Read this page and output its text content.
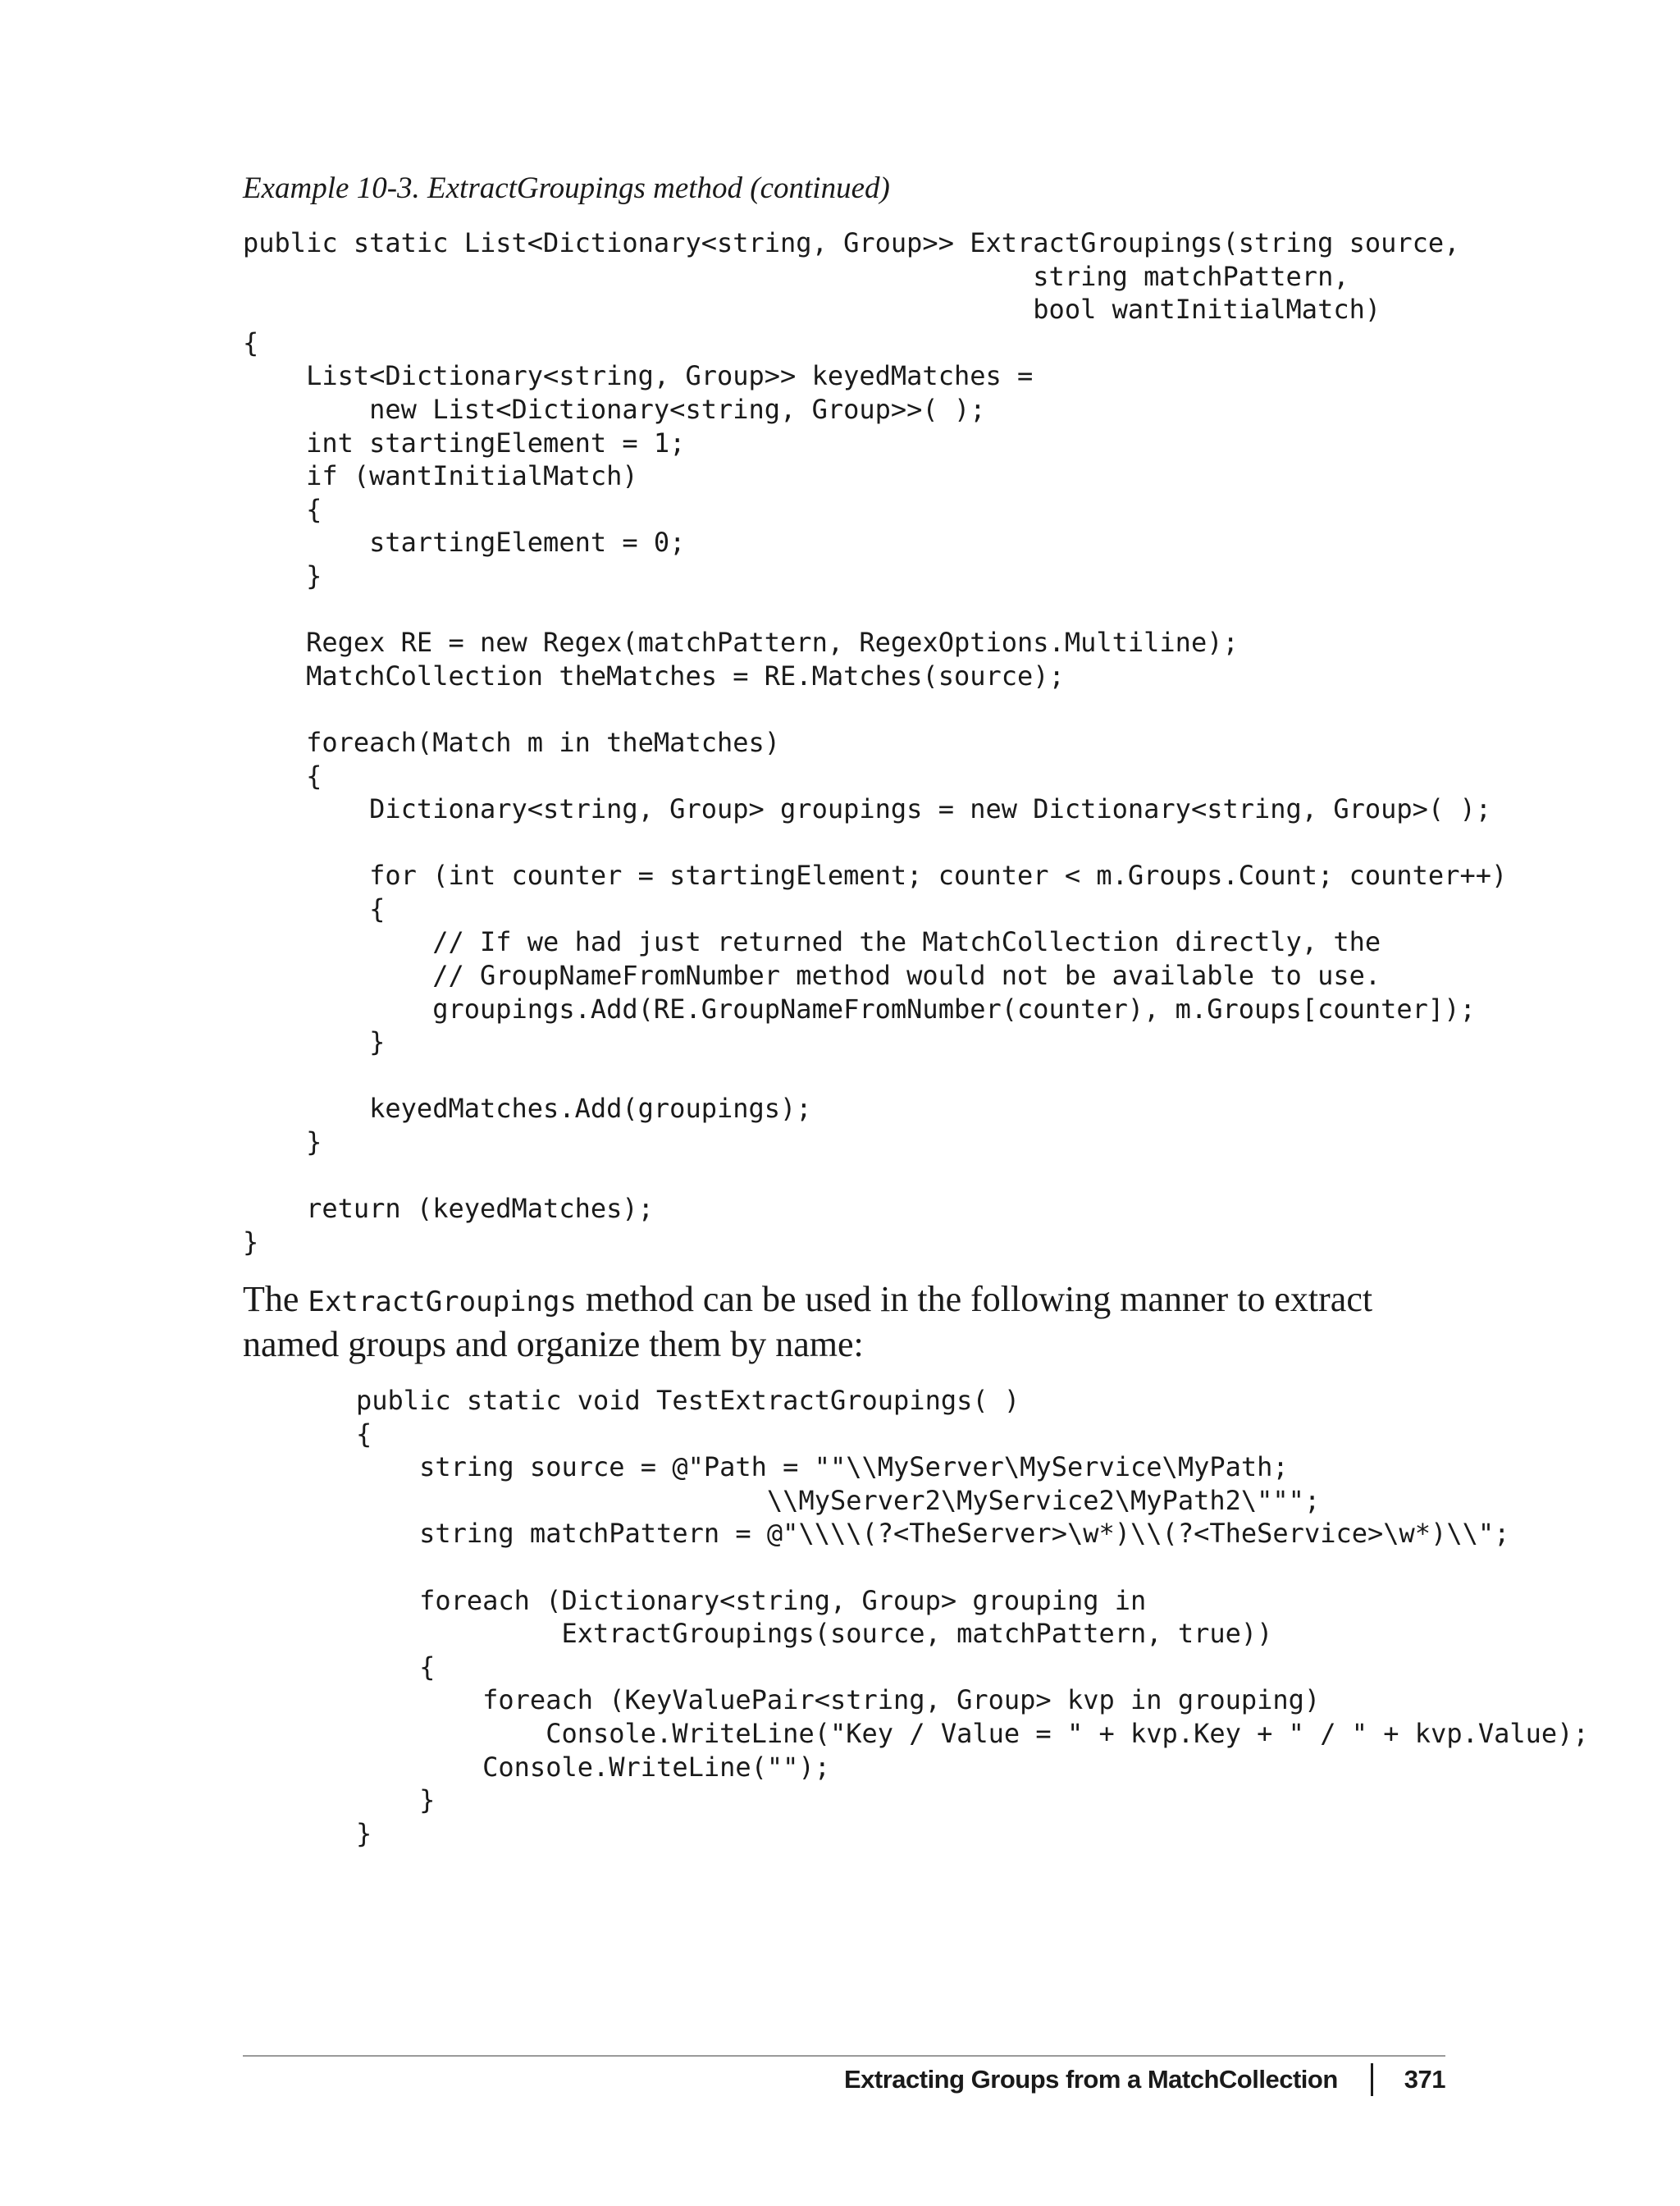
Example 10-3. ExtractGroupings method (continued)

public static List<Dictionary<string, Group>> ExtractGroupings(string source,
string matchPattern,
bool wantInitialMatch)
{
List<Dictionary<string, Group>> keyedMatches =
new List<Dictionary<string, Group>>( );
int startingElement = 1;
if (wantInitialMatch)
{
startingElement = 0;
}

Regex RE = new Regex(matchPattern, RegexOptions.Multiline);
MatchCollection theMatches = RE.Matches(source);

foreach(Match m in theMatches)
{
Dictionary<string, Group> groupings = new Dictionary<string, Group>( );

for (int counter = startingElement; counter < m.Groups.Count; counter++)
{
// If we had just returned the MatchCollection directly, the
// GroupNameFromNumber method would not be available to use.
groupings.Add(RE.GroupNameFromNumber(counter), m.Groups[counter]);
}

keyedMatches.Add(groupings);
}

return (keyedMatches);
}

The ExtractGroupings method can be used in the following manner to extract named groups and organize them by name:

public static void TestExtractGroupings( )
{
string source = @"Path = ""\\MyServer\MyService\MyPath;
\\MyServer2\MyService2\MyPath2\""";
string matchPattern = @"\\\\(?<TheServer>\w*)\\(?<TheService>\w*)\\";

foreach (Dictionary<string, Group> grouping in
ExtractGroupings(source, matchPattern, true))
{
foreach (KeyValuePair<string, Group> kvp in grouping)
Console.WriteLine("Key / Value = " + kvp.Key + " / " + kvp.Value);
Console.WriteLine("");
}
}
Extracting Groups from a MatchCollection	371
